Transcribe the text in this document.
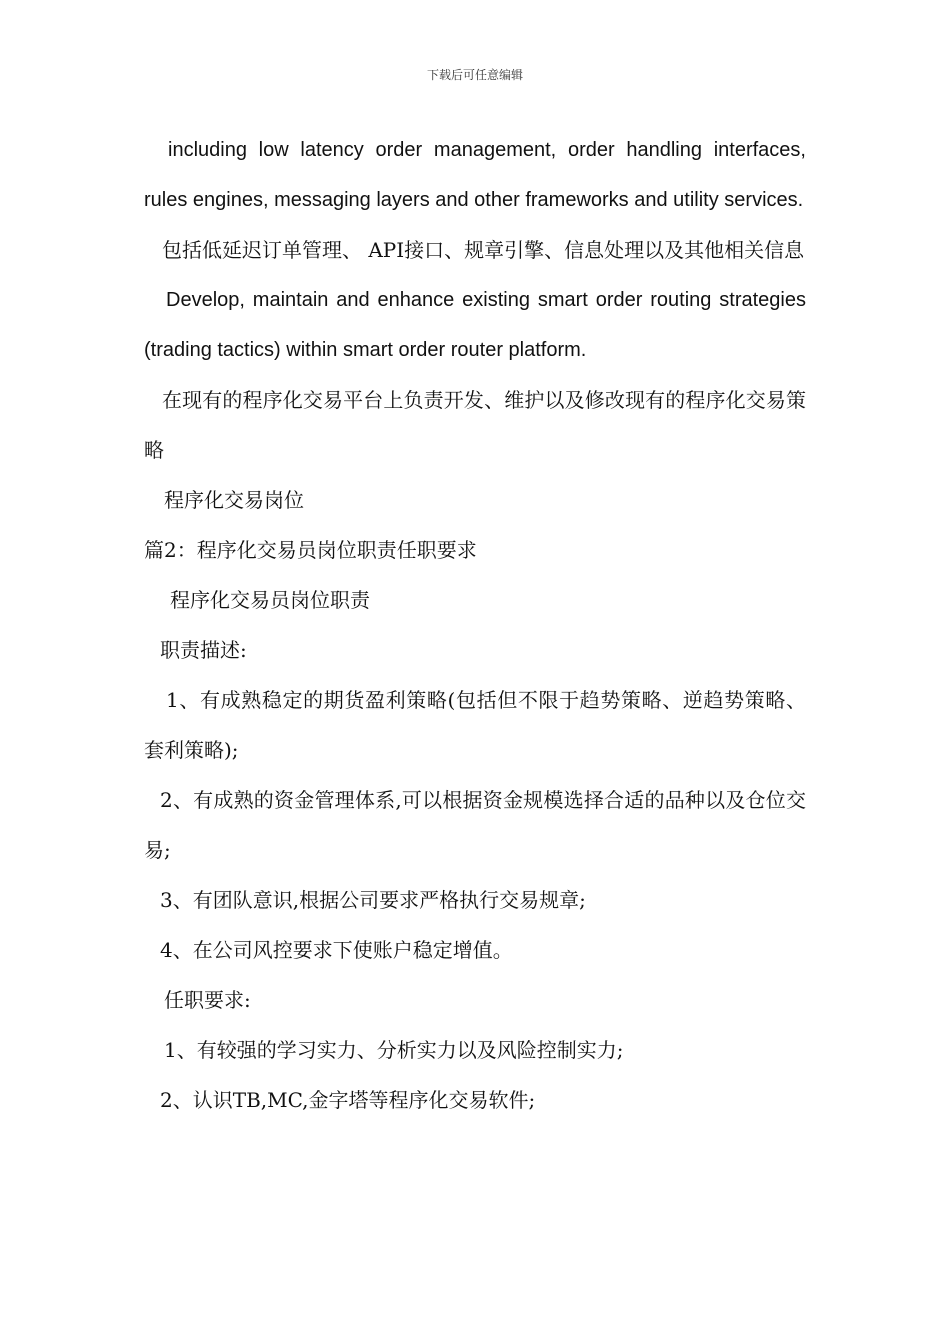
下载后可任意编辑

including low latency order management, order handling interfaces, rules engines, messaging layers and other frameworks and utility services.

包括低延迟订单管理、 API接口、规章引擎、信息处理以及其他相关信息

Develop, maintain and enhance existing smart order routing strategies (trading tactics) within smart order router platform.

在现有的程序化交易平台上负责开发、维护以及修改现有的程序化交易策略

程序化交易岗位

篇2：程序化交易员岗位职责任职要求

程序化交易员岗位职责

职责描述:

1、有成熟稳定的期货盈利策略(包括但不限于趋势策略、逆趋势策略、套利策略);

2、有成熟的资金管理体系,可以根据资金规模选择合适的品种以及仓位交易;

3、有团队意识,根据公司要求严格执行交易规章;

4、在公司风控要求下使账户稳定增值。

任职要求:

1、有较强的学习实力、分析实力以及风险控制实力;

2、认识TB,MC,金字塔等程序化交易软件;
